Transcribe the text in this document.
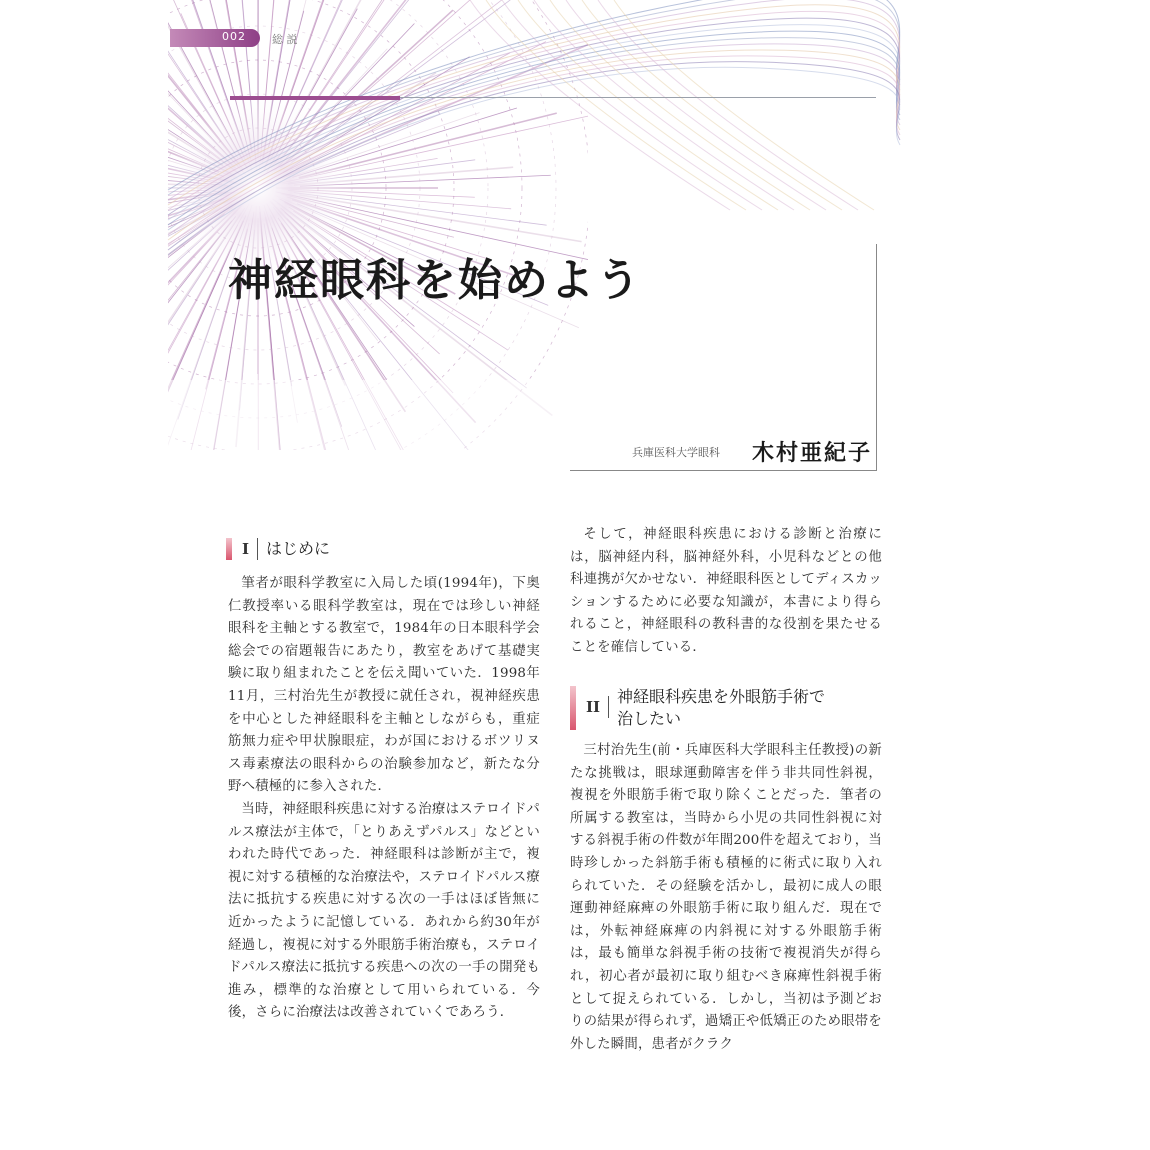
002 総 説
神経眼科を始めよう
兵庫医科大学眼科 木村亜紀子
I	はじめに

筆者が眼科学教室に入局した頃(1994年)，下奥仁教授率いる眼科学教室は，現在では珍しい神経眼科を主軸とする教室で，1984年の日本眼科学会総会での宿題報告にあたり，教室をあげて基礎実験に取り組まれたことを伝え聞いていた．1998年11月，三村治先生が教授に就任され，視神経疾患を中心とした神経眼科を主軸としながらも，重症筋無力症や甲状腺眼症，わが国におけるボツリヌス毒素療法の眼科からの治験参加など，新たな分野へ積極的に参入された．

当時，神経眼科疾患に対する治療はステロイドパルス療法が主体で，「とりあえずパルス」などといわれた時代であった．神経眼科は診断が主で，複視に対する積極的な治療法や，ステロイドパルス療法に抵抗する疾患に対する次の一手はほぼ皆無に近かったように記憶している．あれから約30年が経過し，複視に対する外眼筋手術治療も，ステロイドパルス療法に抵抗する疾患への次の一手の開発も進み，標準的な治療として用いられている．今後，さらに治療法は改善されていくであろう．

そして，神経眼科疾患における診断と治療には，脳神経内科，脳神経外科，小児科などとの他科連携が欠かせない．神経眼科医としてディスカッションするために必要な知識が，本書により得られること，神経眼科の教科書的な役割を果たせることを確信している．

II
神経眼科疾患を外眼筋手術で
治したい

三村治先生(前・兵庫医科大学眼科主任教授)の新たな挑戦は，眼球運動障害を伴う非共同性斜視，複視を外眼筋手術で取り除くことだった．筆者の所属する教室は，当時から小児の共同性斜視に対する斜視手術の件数が年間200件を超えており，当時珍しかった斜筋手術も積極的に術式に取り入れられていた．その経験を活かし，最初に成人の眼運動神経麻痺の外眼筋手術に取り組んだ．現在では，外転神経麻痺の内斜視に対する外眼筋手術は，最も簡単な斜視手術の技術で複視消失が得られ，初心者が最初に取り組むべき麻痺性斜視手術として捉えられている．しかし，当初は予測どおりの結果が得られず，過矯正や低矯正のため眼帯を外した瞬間，患者がクラク
